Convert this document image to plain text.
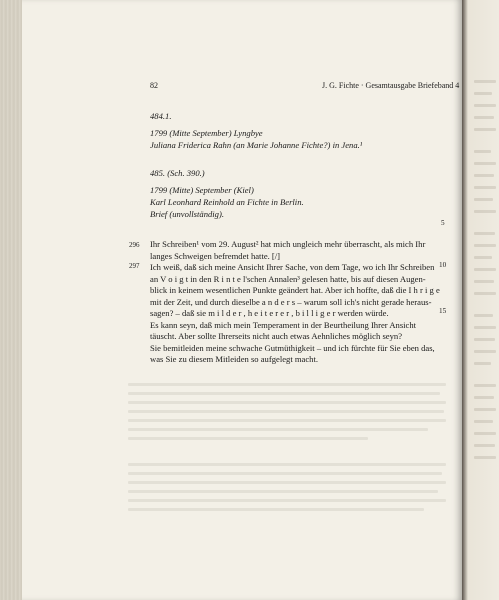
82	J. G. Fichte · Gesamtausgabe Briefeband 4
484.1.
1799 (Mitte September) Lyngbye
Juliana Friderica Rahn (an Marie Johanne Fichte?) in Jena.¹
485. (Sch. 390.)
1799 (Mitte) September (Kiel)
Karl Leonhard Reinhold an Fichte in Berlin.
Brief (unvollständig).
296
297
5
10
15
Ihr Schreiben¹ vom 29. August² hat mich ungleich mehr überrascht, als mich Ihr
langes Schweigen befremdet hatte. [/]
Ich weiß, daß sich meine Ansicht Ihrer Sache, von dem Tage, wo ich Ihr Schreiben
an V o i g t in den R i n t e l'schen Annalen³ gelesen hatte, bis auf diesen Augen-
blick in keinem wesentlichen Punkte geändert hat. Aber ich hoffte, daß die I h r i g e
mit der Zeit, und durch dieselbe a n d e r s – warum soll ich's nicht gerade heraus-
sagen? – daß sie m i l d e r , h e i t e r e r , b i l l i g e r werden würde.
Es kann seyn, daß mich mein Temperament in der Beurtheilung Ihrer Ansicht
täuscht. Aber sollte Ihrerseits nicht auch etwas Aehnliches möglich seyn?
Sie bemitleiden meine schwache Gutmüthigkeit – und ich fürchte für Sie eben das,
was Sie zu diesem Mitleiden so aufgelegt macht.
